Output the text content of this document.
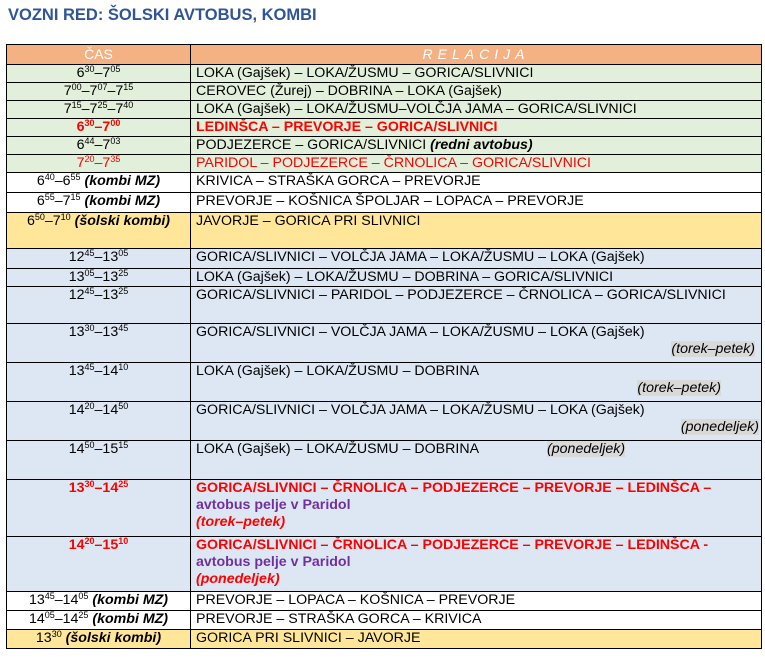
VOZNI RED: ŠOLSKI AVTOBUS, KOMBI
ČAS	RELACIJA
$6^{30}-7^{05}$	LOKA (Gajšek) – LOKA/ŽUSMU – GORICA/SLIVNICI
$7^{00}-7^{07}-7^{15}$	CEROVEC (Žurej) – DOBRINA – LOKA (Gajšek)
$7^{15}-7^{25}-7^{40}$	LOKA (Gajšek) – LOKA/ŽUSMU–VOLČJA JAMA – GORICA/SLIVNICI
$6^{30}-7^{00}$	LEDINŠCA – PREVORJE – GORICA/SLIVNICI
$6^{44}-7^{03}$	PODJEZERCE – GORICA/SLIVNICI (redni avtobus)
$7^{20}-7^{35}$	PARIDOL – PODJEZERCE – ČRNOLICA – GORICA/SLIVNICI
$6^{40}-6^{55}$ (kombi MZ)	KRIVICA – STRAŠKA GORCA – PREVORJE
$6^{55}-7^{15}$ (kombi MZ)	PREVORJE – KOŠNICA ŠPOLJAR – LOPACA – PREVORJE
$6^{50}-7^{10}$ (šolski kombi)	JAVORJE – GORICA PRI SLIVNICI
$12^{45}-13^{05}$	GORICA/SLIVNICI – VOLČJA JAMA – LOKA/ŽUSMU – LOKA (Gajšek)
$13^{05}-13^{25}$	LOKA (Gajšek) – LOKA/ŽUSMU – DOBRINA – GORICA/SLIVNICI
$12^{45}-13^{25}$	GORICA/SLIVNICI – PARIDOL – PODJEZERCE – ČRNOLICA – GORICA/SLIVNICI
$13^{30}-13^{45}$	GORICA/SLIVNICI – VOLČJA JAMA – LOKA/ŽUSMU – LOKA (Gajšek)
(torek–petek)

$13^{45}-14^{10}$	LOKA (Gajšek) – LOKA/ŽUSMU – DOBRINA
(torek–petek)

$14^{20}-14^{50}$	GORICA/SLIVNICI – VOLČJA JAMA – LOKA/ŽUSMU – LOKA (Gajšek)
(ponedeljek)

$14^{50}-15^{15}$	LOKA (Gajšek) – LOKA/ŽUSMU – DOBRINA (ponedeljek)
$13^{30}-14^{25}$	GORICA/SLIVNICI – ČRNOLICA – PODJEZERCE – PREVORJE – LEDINŠCA – avtobus pelje v Paridol
(torek–petek)
$14^{20}-15^{10}$	GORICA/SLIVNICI – ČRNOLICA – PODJEZERCE – PREVORJE – LEDINŠCA - avtobus pelje v Paridol
(ponedeljek)
$13^{45}-14^{05}$ (kombi MZ)	PREVORJE – LOPACA – KOŠNICA – PREVORJE
$14^{05}-14^{25}$ (kombi MZ)	PREVORJE – STRAŠKA GORCA – KRIVICA
$13^{30}$ (šolski kombi)	GORICA PRI SLIVNICI – JAVORJE
